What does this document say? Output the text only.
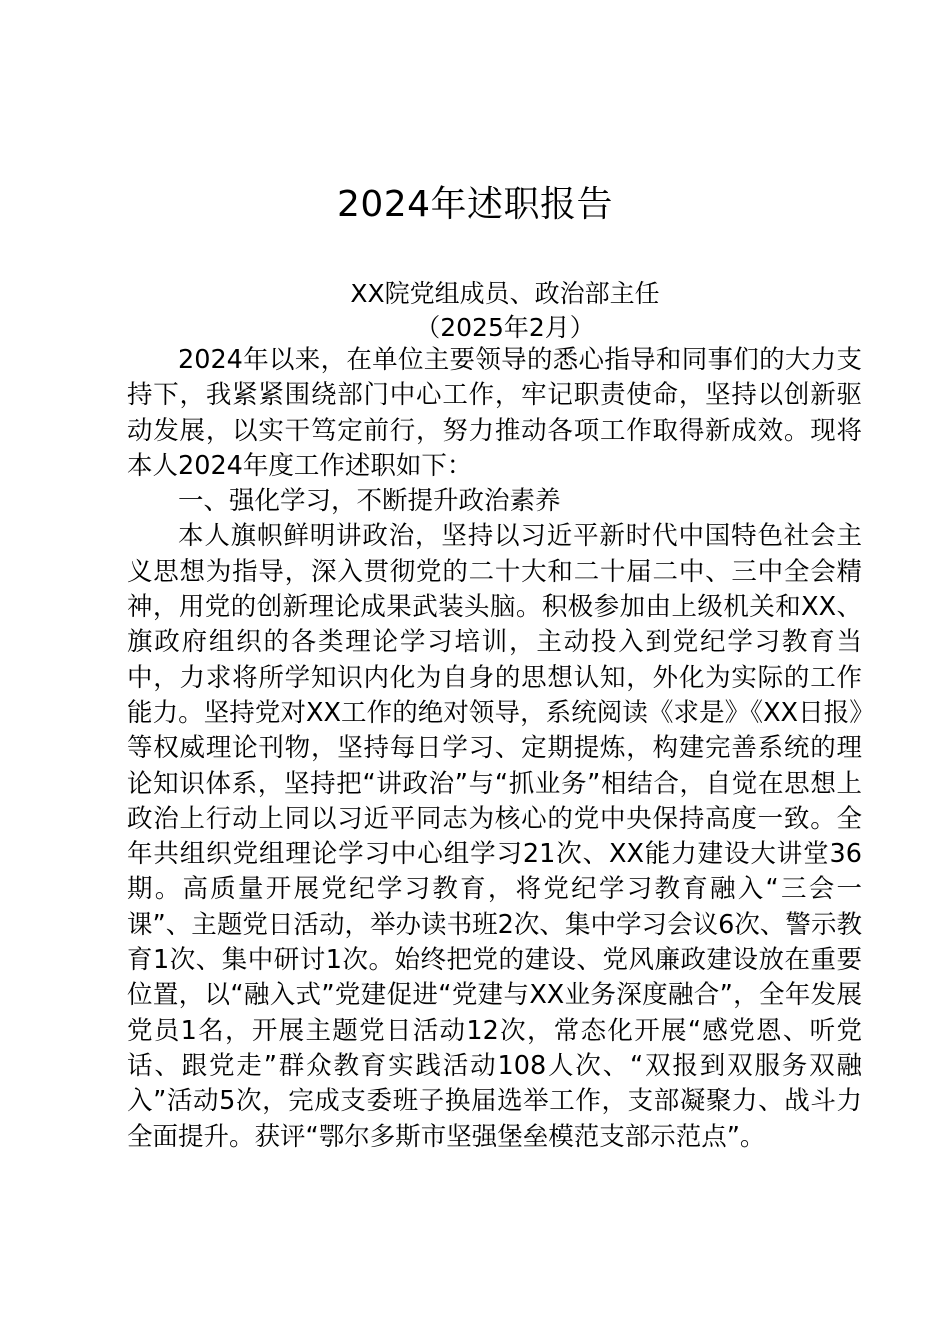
2024年述职报告
XX院党组成员、政治部主任
（2025年2月）

2024年以来，在单位主要领导的悉心指导和同事们的大力支持下，我紧紧围绕部门中心工作，牢记职责使命，坚持以创新驱动发展，以实干笃定前行，努力推动各项工作取得新成效。现将本人2024年度工作述职如下：

一、强化学习，不断提升政治素养

本人旗帜鲜明讲政治，坚持以习近平新时代中国特色社会主义思想为指导，深入贯彻党的二十大和二十届二中、三中全会精神，用党的创新理论成果武装头脑。积极参加由上级机关和XX、旗政府组织的各类理论学习培训，主动投入到党纪学习教育当中，力求将所学知识内化为自身的思想认知，外化为实际的工作能力。坚持党对XX工作的绝对领导，系统阅读《求是》《XX日报》等权威理论刊物，坚持每日学习、定期提炼，构建完善系统的理论知识体系，坚持把“讲政治”与“抓业务”相结合，自觉在思想上政治上行动上同以习近平同志为核心的党中央保持高度一致。全年共组织党组理论学习中心组学习21次、XX能力建设大讲堂36期。高质量开展党纪学习教育，将党纪学习教育融入“三会一课”、主题党日活动，举办读书班2次、集中学习会议6次、警示教育1次、集中研讨1次。始终把党的建设、党风廉政建设放在重要位置，以“融入式”党建促进“党建与XX业务深度融合”，全年发展党员1名，开展主题党日活动12次，常态化开展“感党恩、听党话、跟党走”群众教育实践活动108人次、“双报到双服务双融入”活动5次，完成支委班子换届选举工作，支部凝聚力、战斗力全面提升。获评“鄂尔多斯市坚强堡垒模范支部示范点”。
